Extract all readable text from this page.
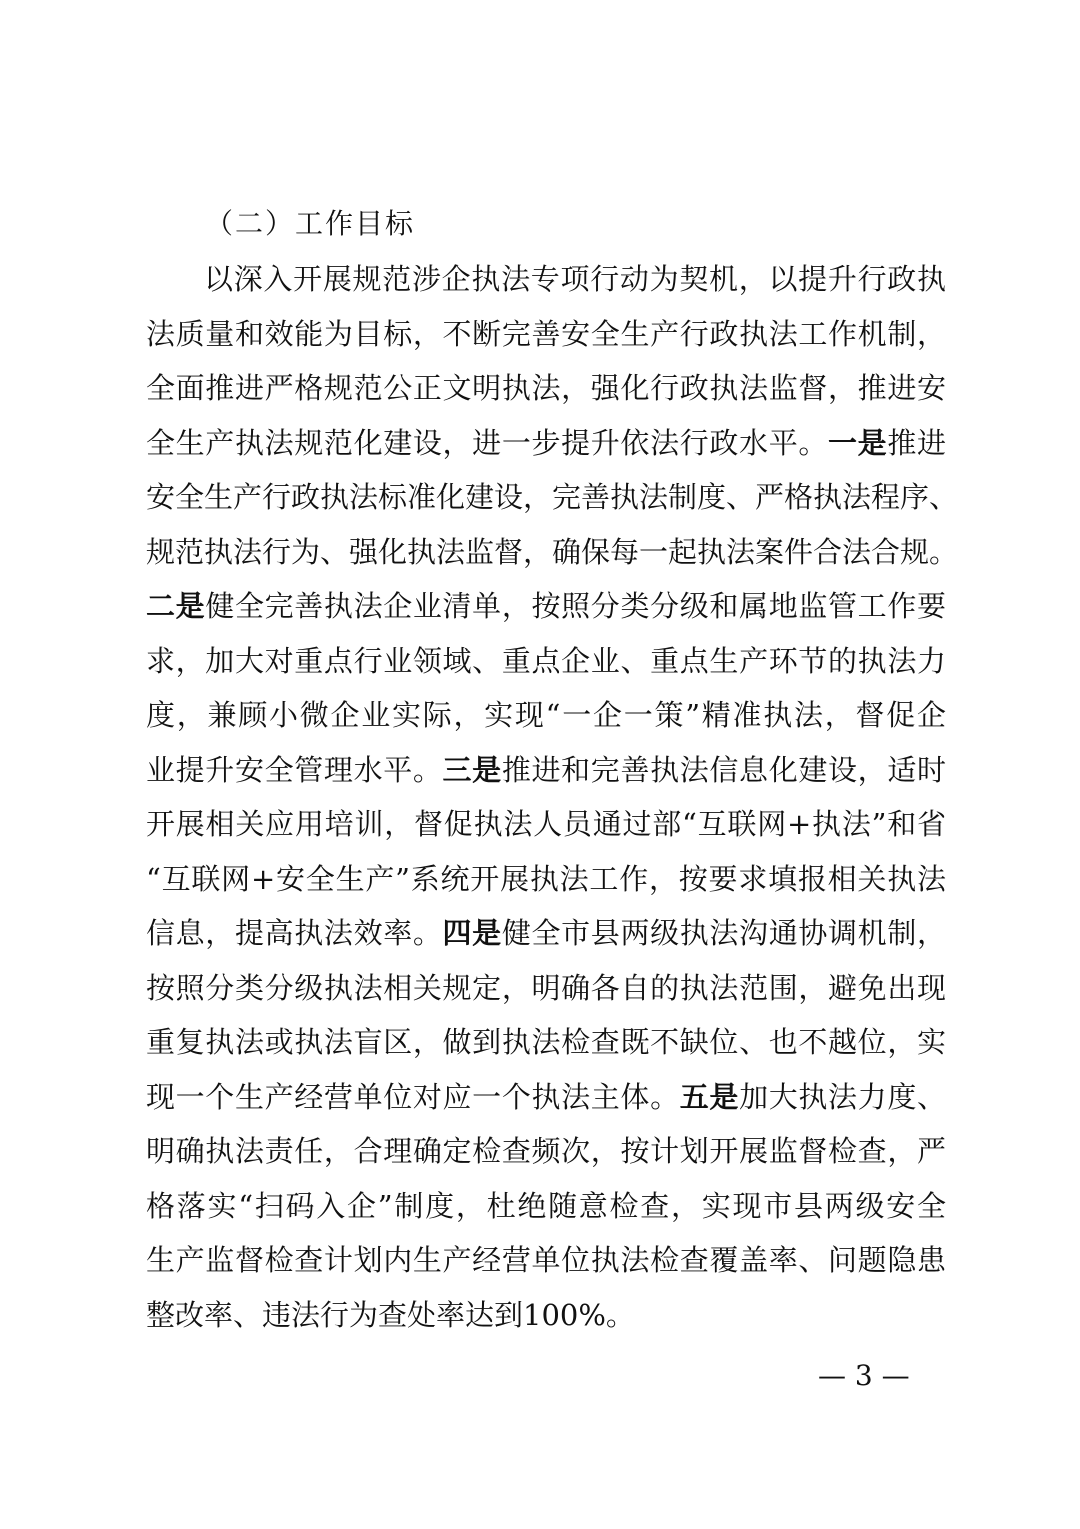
（二）工作目标
以深入开展规范涉企执法专项行动为契机，以提升行政执
法质量和效能为目标，不断完善安全生产行政执法工作机制，
全面推进严格规范公正文明执法，强化行政执法监督，推进安
全生产执法规范化建设，进一步提升依法行政水平。一是推进
安全生产行政执法标准化建设，完善执法制度、严格执法程序、
规范执法行为、强化执法监督，确保每一起执法案件合法合规。
二是健全完善执法企业清单，按照分类分级和属地监管工作要
求，加大对重点行业领域、重点企业、重点生产环节的执法力
度，兼顾小微企业实际，实现“一企一策”精准执法，督促企
业提升安全管理水平。三是推进和完善执法信息化建设，适时
开展相关应用培训，督促执法人员通过部“互联网+执法”和省
“互联网+安全生产”系统开展执法工作，按要求填报相关执法
信息，提高执法效率。四是健全市县两级执法沟通协调机制，
按照分类分级执法相关规定，明确各自的执法范围，避免出现
重复执法或执法盲区，做到执法检查既不缺位、也不越位，实
现一个生产经营单位对应一个执法主体。五是加大执法力度、
明确执法责任，合理确定检查频次，按计划开展监督检查，严
格落实“扫码入企”制度，杜绝随意检查，实现市县两级安全
生产监督检查计划内生产经营单位执法检查覆盖率、问题隐患
整改率、违法行为查处率达到100%。
— 3 —
